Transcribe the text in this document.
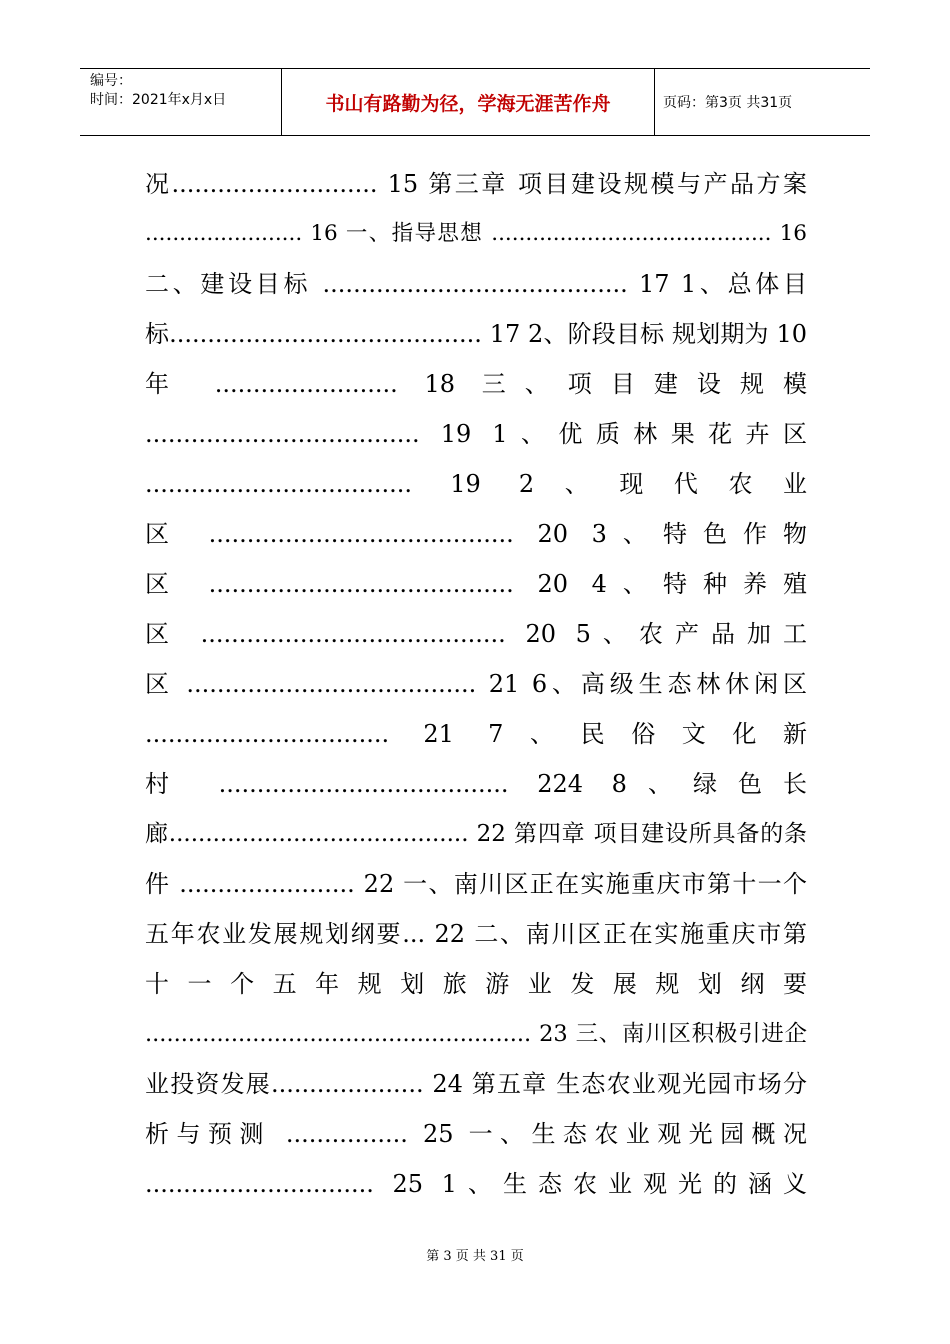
编号：
时间：2021年x月x日	书山有路勤为径，学海无涯苦作舟	页码：第3页 共31页
况........................... 15 第三章 项目建设规模与产品方案
....................... 16 一、指导思想 ......................................... 16
二、建设目标 ........................................ 17 1、总体目
标......................................... 17 2、阶段目标 规划期为 10
年 ........................ 18 三、项目建设规模
.................................... 19 1、优质林果花卉区
................................... 19 2、现代农业
区 ........................................ 20 3、特色作物
区 ........................................ 20 4、特种养殖
区 ........................................ 20 5、农产品加工
区 ...................................... 21 6、高级生态林休闲区
................................ 21 7、民俗文化新
村 ...................................... 224 8、绿色长
廊......................................... 22 第四章 项目建设所具备的条
件 ....................... 22 一、南川区正在实施重庆市第十一个
五年农业发展规划纲要... 22 二、南川区正在实施重庆市第
十一个五年规划旅游业发展规划纲要
...................................................... 23 三、南川区积极引进企
业投资发展.................... 24 第五章 生态农业观光园市场分
析与预测 ................ 25 一、生态农业观光园概况
.............................. 25 1、生态农业观光的涵义
第 3 页 共 31 页
